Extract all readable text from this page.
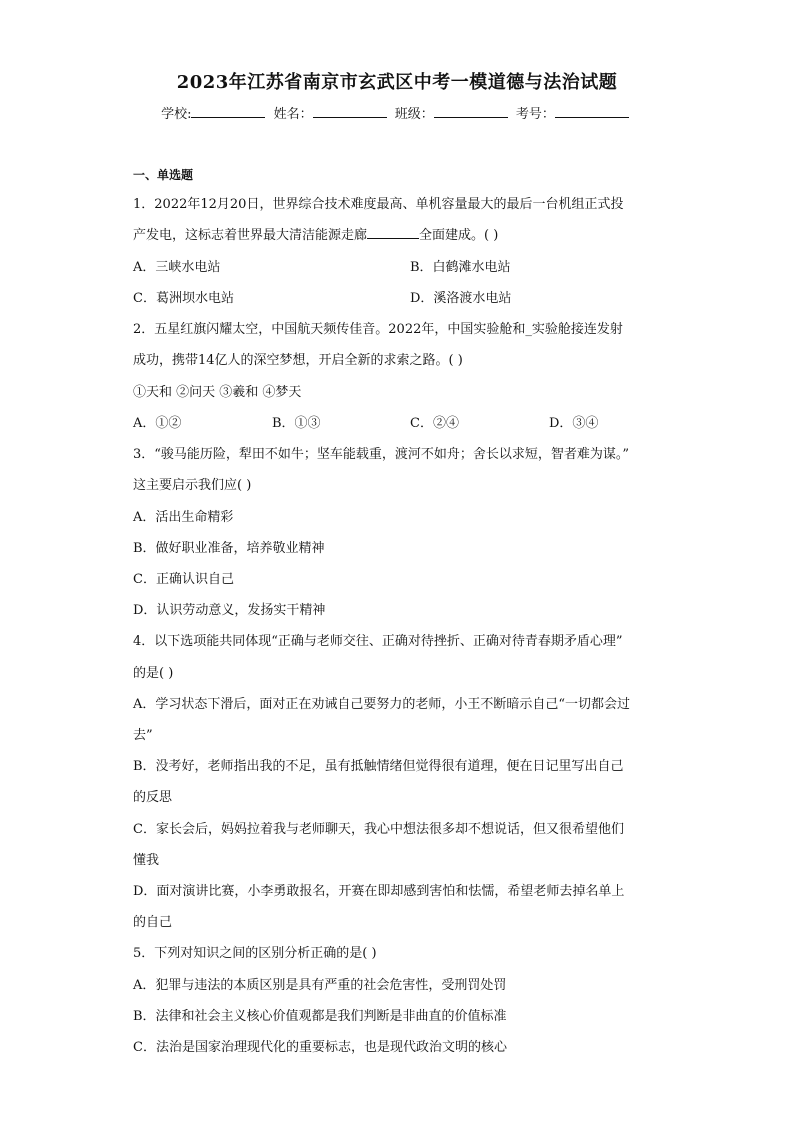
2023年江苏省南京市玄武区中考一模道德与法治试题
学校:	姓名：	班级：	考号：
一、单选题
1．2022年12月20日，世界综合技术难度最高、单机容量最大的最后一台机组正式投
产发电，这标志着世界最大清洁能源走廊	全面建成。( )
A．三峡水电站	B．白鹤滩水电站
C．葛洲坝水电站	D．溪洛渡水电站
2．五星红旗闪耀太空，中国航天频传佳音。2022年，中国实验舱和_实验舱接连发射
成功，携带14亿人的深空梦想，开启全新的求索之路。( )
①天和 ②问天 ③羲和 ④梦天
A．①②	B．①③	C．②④	D．③④
3．“骏马能历险，犁田不如牛；坚车能载重，渡河不如舟；舍长以求短，智者难为谋。”
这主要启示我们应( )
A．活出生命精彩
B．做好职业准备，培养敬业精神
C．正确认识自己
D．认识劳动意义，发扬实干精神
4．以下选项能共同体现“正确与老师交往、正确对待挫折、正确对待青春期矛盾心理”
的是( )
A．学习状态下滑后，面对正在劝诫自己要努力的老师，小王不断暗示自己“一切都会过
去”
B．没考好，老师指出我的不足，虽有抵触情绪但觉得很有道理，便在日记里写出自己
的反思
C．家长会后，妈妈拉着我与老师聊天，我心中想法很多却不想说话，但又很希望他们
懂我
D．面对演讲比赛，小李勇敢报名，开赛在即却感到害怕和怯懦，希望老师去掉名单上
的自己
5．下列对知识之间的区别分析正确的是( )
A．犯罪与违法的本质区别是具有严重的社会危害性，受刑罚处罚
B．法律和社会主义核心价值观都是我们判断是非曲直的价值标准
C．法治是国家治理现代化的重要标志，也是现代政治文明的核心
